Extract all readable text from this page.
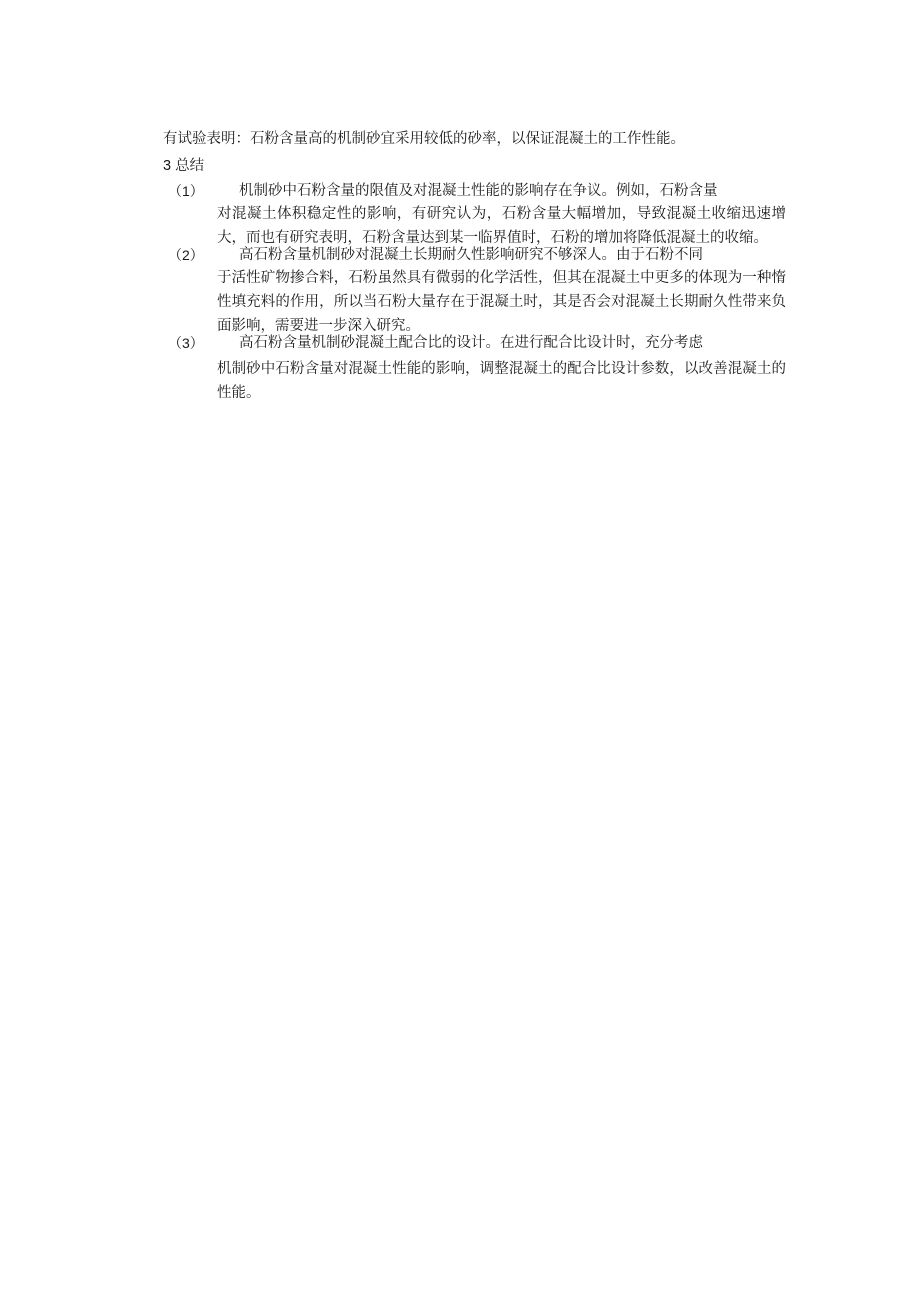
有试验表明：石粉含量高的机制砂宜采用较低的砂率，以保证混凝土的工作性能。
3 总结
（1） 机制砂中石粉含量的限值及对混凝土性能的影响存在争议。例如，石粉含量
对混凝土体积稳定性的影响，有研究认为，石粉含量大幅增加，导致混凝土收缩迅速增大，而也有研究表明，石粉含量达到某一临界值时，石粉的增加将降低混凝土的收缩。
（2） 高石粉含量机制砂对混凝土长期耐久性影响研究不够深人。由于石粉不同
于活性矿物掺合料，石粉虽然具有微弱的化学活性，但其在混凝土中更多的体现为一种惰性填充料的作用，所以当石粉大量存在于混凝土时，其是否会对混凝土长期耐久性带来负面影响，需要进一步深入研究。
（3） 高石粉含量机制砂混凝土配合比的设计。在进行配合比设计时，充分考虑
机制砂中石粉含量对混凝土性能的影响，调整混凝土的配合比设计参数，以改善混凝土的性能。
